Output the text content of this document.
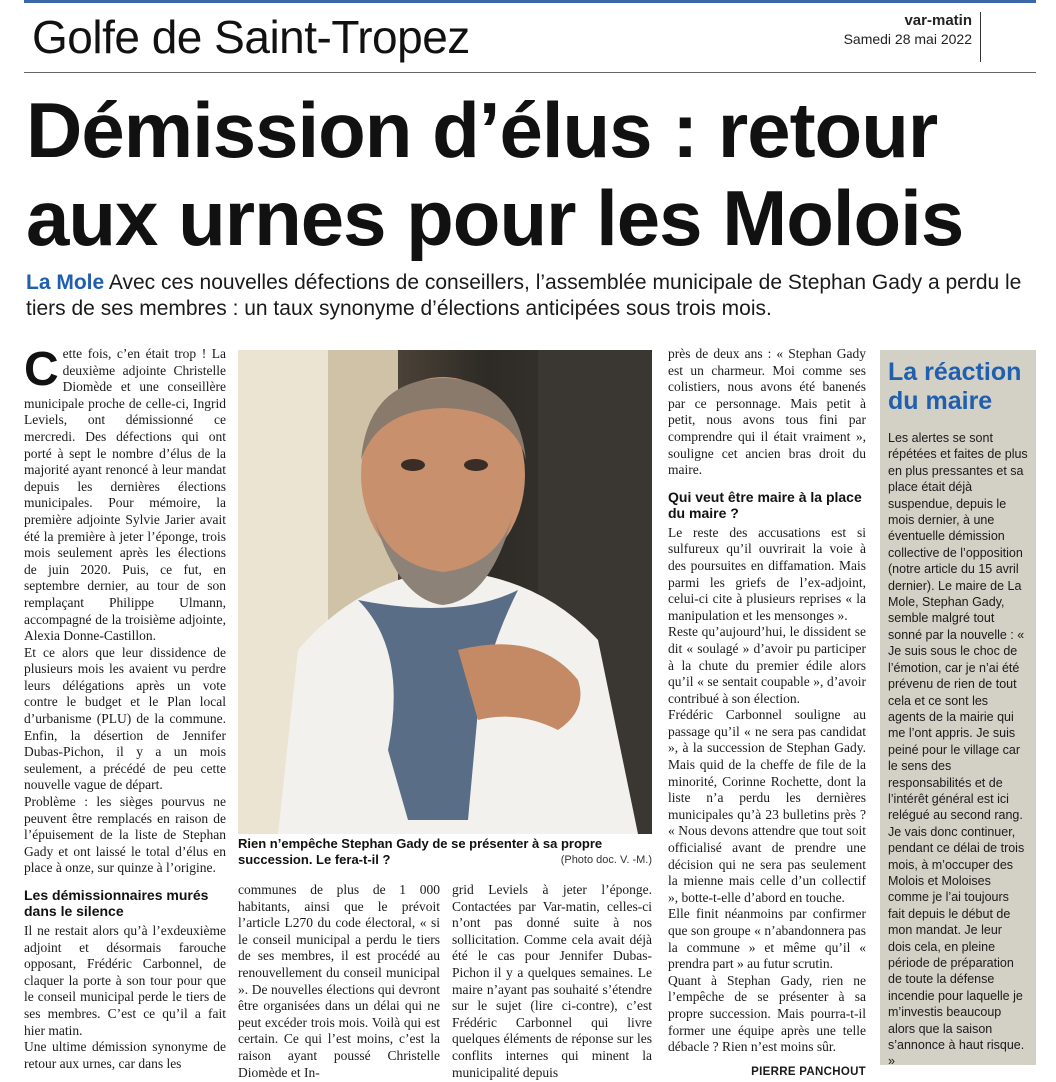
Golfe de Saint-Tropez	var-matin
Samedi 28 mai 2022
Démission d’élus : retour aux urnes pour les Molois
La Mole Avec ces nouvelles défections de conseillers, l’assemblée municipale de Stephan Gady a perdu le tiers de ses membres : un taux synonyme d’élections anticipées sous trois mois.

Cette fois, c’en était trop ! La deuxième adjointe Christelle Diomède et une conseillère municipale proche de celle-ci, Ingrid Levielѕ, ont démissionné ce mercredi. Des défections qui ont porté à sept le nombre d’élus de la majorité ayant renoncé à leur mandat depuis les dernières élections municipales. Pour mémoire, la première adjointe Sylvie Jarier avait été la première à jeter l’éponge, trois mois seulement après les élections de juin 2020. Puis, ce fut, en septembre dernier, au tour de son remplaçant Philippe Ulmann, accompagné de la troisième adjointe, Alexia Donne-Castillon.

Et ce alors que leur dissidence de plusieurs mois les avaient vu perdre leurs délégations après un vote contre le budget et le Plan local d’urbanisme (PLU) de la commune. Enfin, la désertion de Jennifer Dubas-Pichon, il y a un mois seulement, a précédé de peu cette nouvelle vague de départ.

Problème : les sièges pourvus ne peuvent être remplacés en raison de l’épuisement de la liste de Stephan Gady et ont laissé le total d’élus en place à onze, sur quinze à l’origine.

Les démissionnaires murés dans le silence

Il ne restait alors qu’à l’exdeuxième adjoint et désormais farouche opposant, Frédéric Carbonnel, de claquer la porte à son tour pour que le conseil municipal perde le tiers de ses membres. C’est ce qu’il a fait hier matin.

Une ultime démission synonyme de retour aux urnes, car dans les

Rien n’empêche Stephan Gady de se présenter à sa propre succession. Le fera-t-il ?	(Photo doc. V. -M.)

communes de plus de 1 000 habitants, ainsi que le prévoit l’article L270 du code électoral, « si le conseil municipal a perdu le tiers de ses membres, il est procédé au renouvellement du conseil municipal ». De nouvelles élections qui devront être organisées dans un délai qui ne peut excéder trois mois. Voilà qui est certain. Ce qui l’est moins, c’est la raison ayant poussé Christelle Diomède et In-

grid Leviels à jeter l’éponge. Contactées par Var-matin, celles-ci n’ont pas donné suite à nos sollicitation. Comme cela avait déjà été le cas pour Jennifer Dubas-Pichon il y a quelques semaines. Le maire n’ayant pas souhaité s’étendre sur le sujet (lire ci-contre), c’est Frédéric Carbonnel qui livre quelques éléments de réponse sur les conflits internes qui minent la municipalité depuis

près de deux ans : « Stephan Gady est un charmeur. Moi comme ses colistiers, nous avons été banenés par ce personnage. Mais petit à petit, nous avons tous fini par comprendre qui il était vraiment », souligne cet ancien bras droit du maire.

Qui veut être maire à la place du maire ?

Le reste des accusations est si sulfureux qu’il ouvrirait la voie à des poursuites en diffamation. Mais parmi les griefs de l’ex-adjoint, celui-ci cite à plusieurs reprises « la manipulation et les mensonges ».

Reste qu’aujourd’hui, le dissident se dit « soulagé » d’avoir pu participer à la chute du premier édile alors qu’il « se sentait coupable », d’avoir contribué à son élection.

Frédéric Carbonnel souligne au passage qu’il « ne sera pas candidat », à la succession de Stephan Gady. Mais quid de la cheffe de file de la minorité, Corinne Rochette, dont la liste n’a perdu les dernières municipales qu’à 23 bulletins près ? « Nous devons attendre que tout soit officialisé avant de prendre une décision qui ne sera pas seulement la mienne mais celle d’un collectif », botte-t-elle d’abord en touche.

Elle finit néanmoins par confirmer que son groupe « n’abandonnera pas la commune » et même qu’il « prendra part » au futur scrutin.

Quant à Stephan Gady, rien ne l’empêche de se présenter à sa propre succession. Mais pourra-t-il former une équipe après une telle débacle ? Rien n’est moins sûr.

PIERRE PANCHOUT
La réaction du maire
Les alertes se sont répétées et faites de plus en plus pressantes et sa place était déjà suspendue, depuis le mois dernier, à une éventuelle démission collective de l’opposition (notre article du 15 avril dernier). Le maire de La Mole, Stephan Gady, semble malgré tout sonné par la nouvelle : « Je suis sous le choc de l’émotion, car je n’ai été prévenu de rien de tout cela et ce sont les agents de la mairie qui me l’ont appris. Je suis peiné pour le village car le sens des responsabilités et de l’intérêt général est ici relégué au second rang. Je vais donc continuer, pendant ce délai de trois mois, à m’occuper des Molois et Moloises comme je l’ai toujours fait depuis le début de mon mandat. Je leur dois cela, en pleine période de préparation de toute la défense incendie pour laquelle je m’investis beaucoup alors que la saison s’annonce à haut risque. »
